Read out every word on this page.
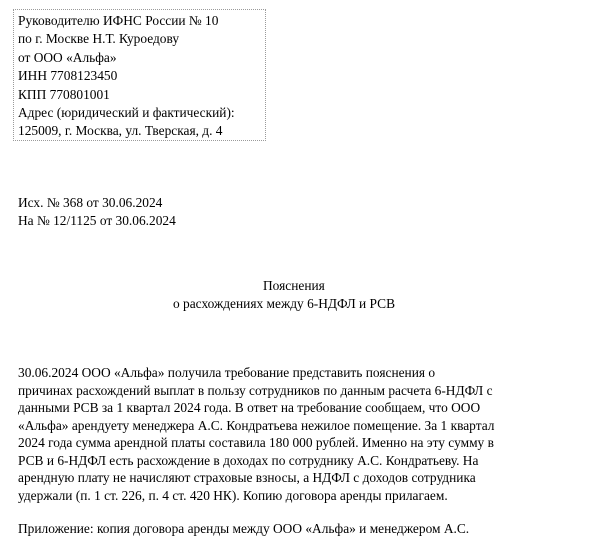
Руководителю ИФНС России № 10
по г. Москве Н.Т. Куроедову
от ООО «Альфа»
ИНН 7708123450
КПП 770801001
Адрес (юридический и фактический):
125009, г. Москва, ул. Тверская, д. 4
Исх. № 368 от 30.06.2024
На № 12/1125 от 30.06.2024
Пояснения
о расхождениях между 6-НДФЛ и РСВ
30.06.2024 ООО «Альфа» получила требование представить пояснения о
причинах расхождений выплат в пользу сотрудников по данным расчета 6-НДФЛ с
данными РСВ за 1 квартал 2024 года. В ответ на требование сообщаем, что ООО
«Альфа» арендуету менеджера А.С. Кондратьева нежилое помещение. За 1 квартал
2024 года сумма арендной платы составила 180 000 рублей. Именно на эту сумму в
РСВ и 6-НДФЛ есть расхождение в доходах по сотруднику А.С. Кондратьеву. На
арендную плату не начисляют страховые взносы, а НДФЛ с доходов сотрудника
удержали (п. 1 ст. 226, п. 4 ст. 420 НК). Копию договора аренды прилагаем.
Приложение: копия договора аренды между ООО «Альфа» и менеджером А.С.
